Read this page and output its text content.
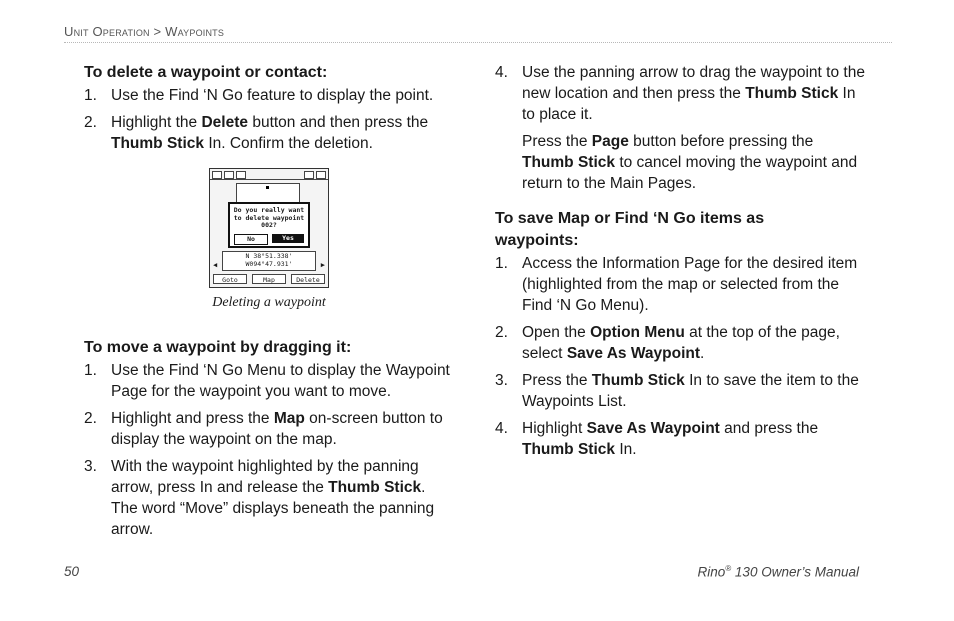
Unit Operation > Waypoints
To delete a waypoint or contact:
1. Use the Find ‘N Go feature to display the point.
2. Highlight the Delete button and then press the Thumb Stick In. Confirm the deletion.
Do you really want
to delete waypoint
002?
No	Yes
◀
N 38°51.338'
W094°47.931'	▶
Goto	Map	Delete
Deleting a waypoint
To move a waypoint by dragging it:
1. Use the Find ‘N Go Menu to display the Waypoint Page for the waypoint you want to move.
2. Highlight and press the Map on-screen button to display the waypoint on the map.
3. With the waypoint highlighted by the panning arrow, press In and release the Thumb Stick. The word “Move” displays beneath the panning arrow.
4. Use the panning arrow to drag the waypoint to the new location and then press the Thumb Stick In to place it.
Press the Page button before pressing the Thumb Stick to cancel moving the waypoint and return to the Main Pages.
To save Map or Find ‘N Go items as
waypoints:
1. Access the Information Page for the desired item (highlighted from the map or selected from the Find ‘N Go Menu).
2. Open the Option Menu at the top of the page, select Save As Waypoint.
3. Press the Thumb Stick In to save the item to the Waypoints List.
4. Highlight Save As Waypoint and press the Thumb Stick In.
50	Rino® 130 Owner’s Manual
